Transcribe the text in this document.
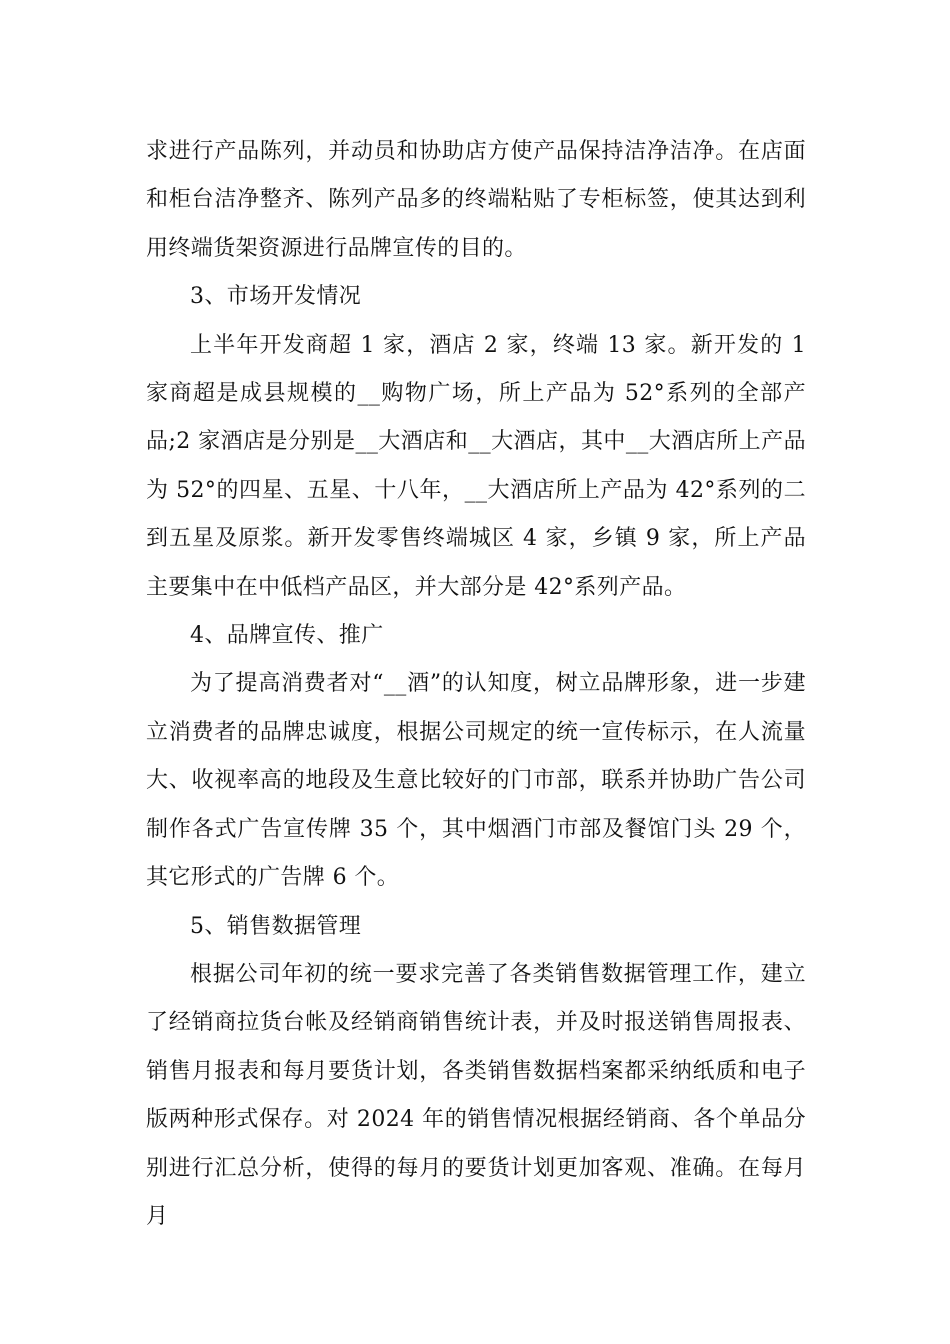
求进行产品陈列，并动员和协助店方使产品保持洁净洁净。在店面和柜台洁净整齐、陈列产品多的终端粘贴了专柜标签，使其达到利用终端货架资源进行品牌宣传的目的。

3、市场开发情况

上半年开发商超 1 家，酒店 2 家，终端 13 家。新开发的 1 家商超是成县规模的__购物广场，所上产品为 52°系列的全部产品;2 家酒店是分别是__大酒店和__大酒店，其中__大酒店所上产品为 52°的四星、五星、十八年，__大酒店所上产品为 42°系列的二到五星及原浆。新开发零售终端城区 4 家，乡镇 9 家，所上产品主要集中在中低档产品区，并大部分是 42°系列产品。

4、品牌宣传、推广

为了提高消费者对“__酒”的认知度，树立品牌形象，进一步建立消费者的品牌忠诚度，根据公司规定的统一宣传标示，在人流量大、收视率高的地段及生意比较好的门市部，联系并协助广告公司制作各式广告宣传牌 35 个，其中烟酒门市部及餐馆门头 29 个，其它形式的广告牌 6 个。

5、销售数据管理

根据公司年初的统一要求完善了各类销售数据管理工作，建立了经销商拉货台帐及经销商销售统计表，并及时报送销售周报表、销售月报表和每月要货计划，各类销售数据档案都采纳纸质和电子版两种形式保存。对 2024 年的销售情况根据经销商、各个单品分别进行汇总分析，使得的每月的要货计划更加客观、准确。在每月月
